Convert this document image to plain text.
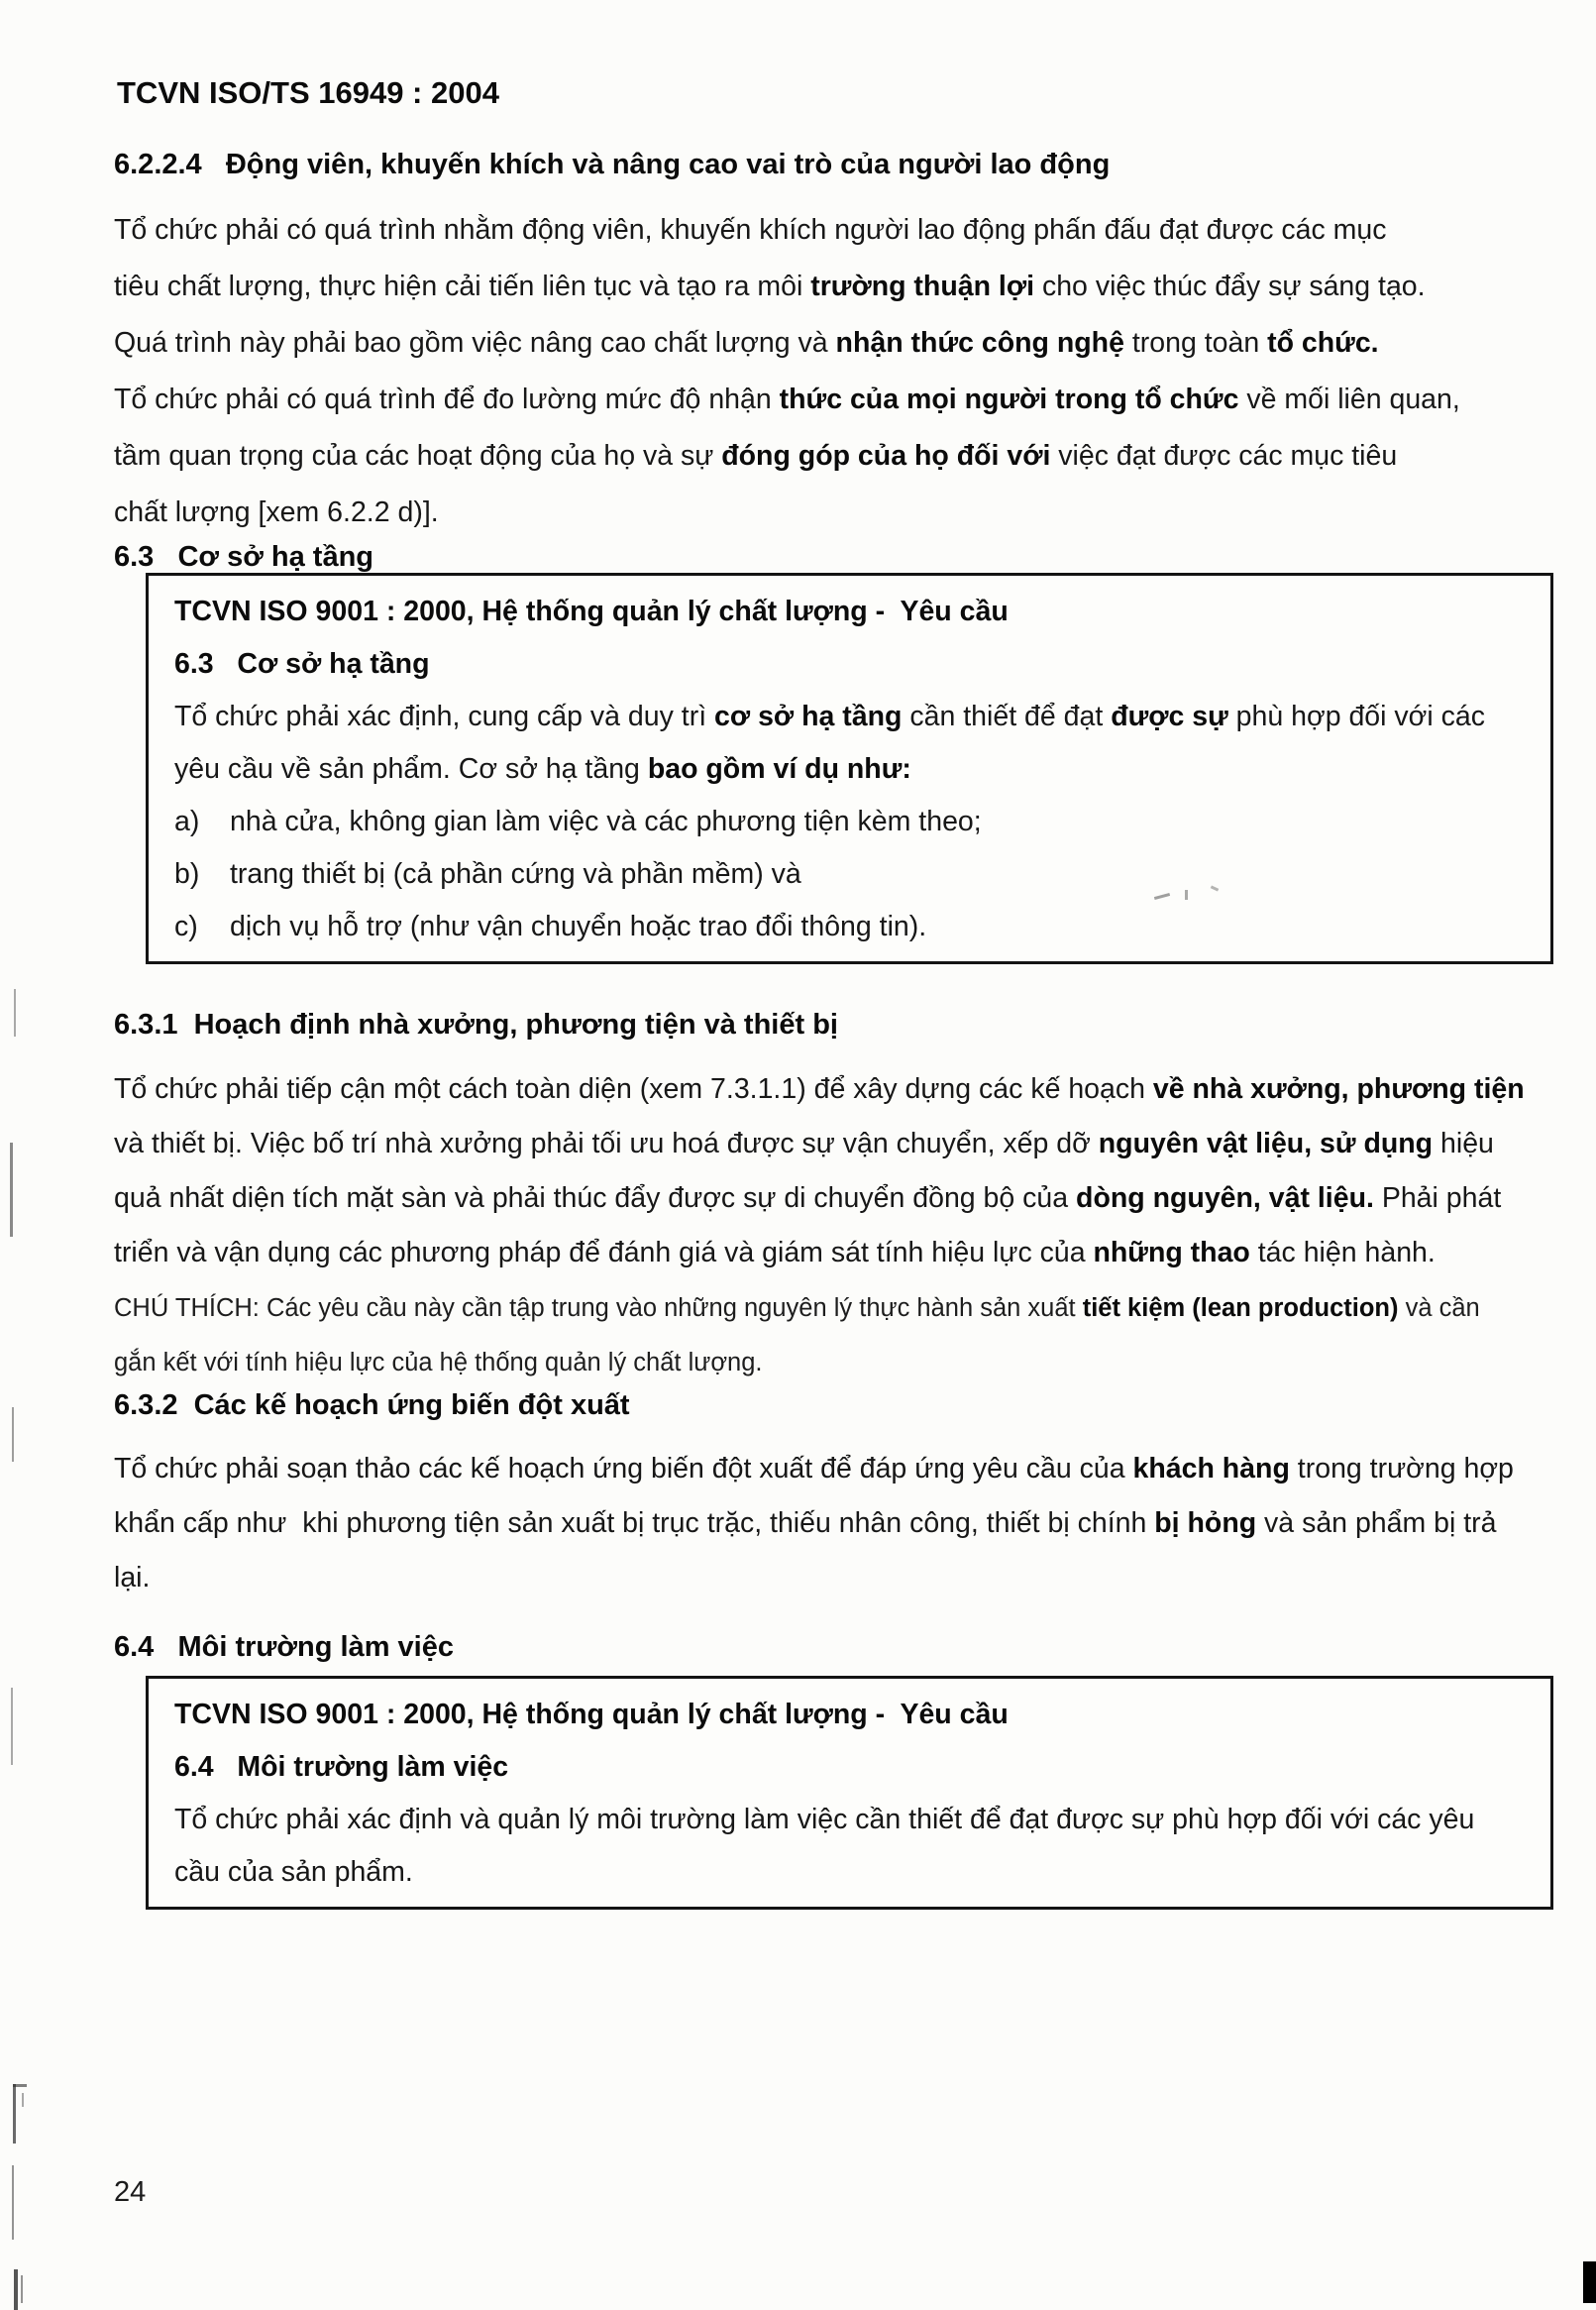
TCVN ISO/TS 16949 : 2004
6.2.2.4   Động viên, khuyến khích và nâng cao vai trò của người lao động
Tổ chức phải có quá trình nhằm động viên, khuyến khích người lao động phấn đấu đạt được các mục
tiêu chất lượng, thực hiện cải tiến liên tục và tạo ra môi trường thuận lợi cho việc thúc đẩy sự sáng tạo.
Quá trình này phải bao gồm việc nâng cao chất lượng và nhận thức công nghệ trong toàn tổ chức.
Tổ chức phải có quá trình để đo lường mức độ nhận thức của mọi người trong tổ chức về mối liên quan,
tầm quan trọng của các hoạt động của họ và sự đóng góp của họ đối với việc đạt được các mục tiêu
chất lượng [xem 6.2.2 d)].
6.3   Cơ sở hạ tầng
TCVN ISO 9001 : 2000, Hệ thống quản lý chất lượng -  Yêu cầu
6.3   Cơ sở hạ tầng
Tổ chức phải xác định, cung cấp và duy trì cơ sở hạ tầng cần thiết để đạt được sự phù hợp đối với các
yêu cầu về sản phẩm. Cơ sở hạ tầng bao gồm ví dụ như:
a)	nhà cửa, không gian làm việc và các phương tiện kèm theo;
b)	trang thiết bị (cả phần cứng và phần mềm) và
c)	dịch vụ hỗ trợ (như vận chuyển hoặc trao đổi thông tin).
6.3.1  Hoạch định nhà xưởng, phương tiện và thiết bị
Tổ chức phải tiếp cận một cách toàn diện (xem 7.3.1.1) để xây dựng các kế hoạch về nhà xưởng, phương tiện
và thiết bị. Việc bố trí nhà xưởng phải tối ưu hoá được sự vận chuyển, xếp dỡ nguyên vật liệu, sử dụng hiệu
quả nhất diện tích mặt sàn và phải thúc đẩy được sự di chuyển đồng bộ của dòng nguyên, vật liệu. Phải phát
triển và vận dụng các phương pháp để đánh giá và giám sát tính hiệu lực của những thao tác hiện hành.
CHÚ THÍCH: Các yêu cầu này cần tập trung vào những nguyên lý thực hành sản xuất tiết kiệm (lean production) và cần
gắn kết với tính hiệu lực của hệ thống quản lý chất lượng.
6.3.2  Các kế hoạch ứng biến đột xuất
Tổ chức phải soạn thảo các kế hoạch ứng biến đột xuất để đáp ứng yêu cầu của khách hàng trong trường hợp
khẩn cấp như  khi phương tiện sản xuất bị trục trặc, thiếu nhân công, thiết bị chính bị hỏng và sản phẩm bị trả
lại.
6.4   Môi trường làm việc
TCVN ISO 9001 : 2000, Hệ thống quản lý chất lượng -  Yêu cầu
6.4   Môi trường làm việc
Tổ chức phải xác định và quản lý môi trường làm việc cần thiết để đạt được sự phù hợp đối với các yêu
cầu của sản phẩm.
24
